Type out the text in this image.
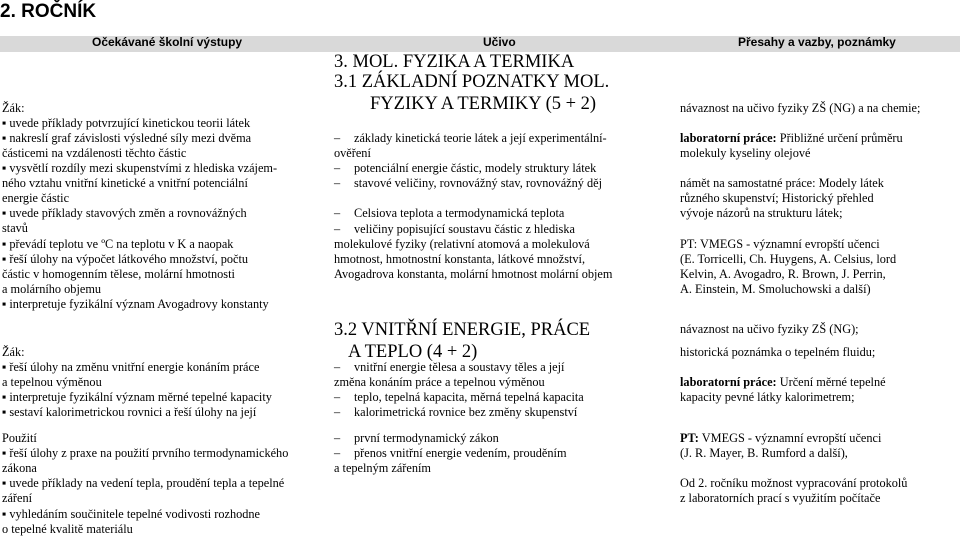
2. ROČNÍK
Očekávané školní výstupy	Učivo	Přesahy a vazby, poznámky
Žák:
▪ uvede příklady potvrzující kinetickou teorii látek
▪ nakreslí graf závislosti výsledné síly mezi dvěma
částicemi na vzdálenosti těchto částic
▪ vysvětlí rozdíly mezi skupenstvími z hlediska vzájem-
ného vztahu vnitřní kinetické a vnitřní potenciální
energie částic
▪ uvede příklady stavových změn a rovnovážných
stavů
▪ převádí teplotu ve ºC na teplotu v K a naopak
▪ řeší úlohy na výpočet látkového množství, počtu
částic v homogenním tělese, molární hmotnosti
a molárního objemu
▪ interpretuje fyzikální význam Avogadrovy konstanty
Žák:
▪ řeší úlohy na změnu vnitřní energie konáním práce
a tepelnou výměnou
▪ interpretuje fyzikální význam měrné tepelné kapacity
▪ sestaví kalorimetrickou rovnici a řeší úlohy na její
Použití
▪ řeší úlohy z praxe na použití prvního termodynamického
zákona
▪ uvede příklady na vedení tepla, proudění tepla a tepelné
záření
▪ vyhledáním součinitele tepelné vodivosti rozhodne
o tepelné kvalitě materiálu
3. MOL. FYZIKA A TERMIKA
3.1 ZÁKLADNÍ POZNATKY MOL.
FYZIKY A TERMIKY (5 + 2)
– základy kinetická teorie látek a její experimentální-
ověření
– potenciální energie částic, modely struktury látek
– stavové veličiny, rovnovážný stav, rovnovážný děj
– Celsiova teplota a termodynamická teplota
– veličiny popisující soustavu částic z hlediska
molekulové fyziky (relativní atomová a molekulová
hmotnost, hmotnostní konstanta, látkové množství,
Avogadrova konstanta, molární hmotnost molární objem
3.2 VNITŘNÍ ENERGIE, PRÁCE
A TEPLO (4 + 2)
– vnitřní energie tělesa a soustavy těles a její
změna konáním práce a tepelnou výměnou
– teplo, tepelná kapacita, měrná tepelná kapacita
– kalorimetrická rovnice bez změny skupenství
– první termodynamický zákon
– přenos vnitřní energie vedením, prouděním
a tepelným zářením
návaznost na učivo fyziky ZŠ (NG) a na chemie;
laboratorní práce: Přibližné určení průměru
molekuly kyseliny olejové
námět na samostatné práce: Modely látek
různého skupenství; Historický přehled
vývoje názorů na strukturu látek;
PT: VMEGS - významní evropští učenci
(E. Torricelli, Ch. Huygens, A. Celsius, lord
Kelvin, A. Avogadro, R. Brown, J. Perrin,
A. Einstein, M. Smoluchowski a další)
návaznost na učivo fyziky ZŠ (NG);
historická poznámka o tepelném fluidu;
laboratorní práce: Určení měrné tepelné
kapacity pevné látky kalorimetrem;
PT: VMEGS - významní evropští učenci
(J. R. Mayer, B. Rumford a další),
Od 2. ročníku možnost vypracování protokolů
z laboratorních prací s využitím počítače
